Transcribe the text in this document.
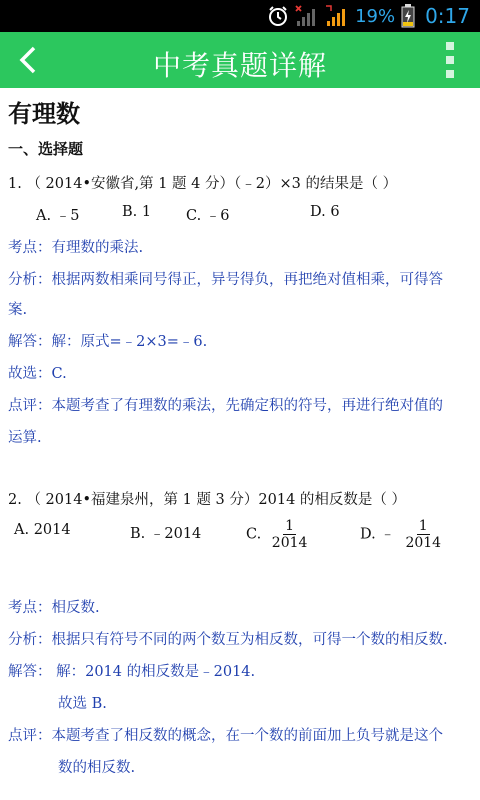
19% 0:17
中考真题详解
有理数
一、选择题
1. （ 2014•安徽省,第 1 题 4 分）（﹣2）×3 的结果是（ ）
A. ﹣5	B. 1 C. ﹣6	D. 6
考点：有理数的乘法.
分析：根据两数相乘同号得正，异号得负，再把绝对值相乘，可得答
案.
解答：解：原式=﹣2×3=﹣6.
故选：C.
点评：本题考查了有理数的乘法，先确定积的符号，再进行绝对值的
运算.
2. （ 2014•福建泉州，第 1 题 3 分）2014 的相反数是（ ）
A. 2014	B. ﹣2014	C. $\frac{1}{2014}$	D. ﹣ $\frac{1}{2014}$
考点：相反数.
分析：根据只有符号不同的两个数互为相反数，可得一个数的相反数.
解答： 解：2014 的相反数是﹣2014.
故选 B.
点评：本题考查了相反数的概念，在一个数的前面加上负号就是这个
数的相反数.
